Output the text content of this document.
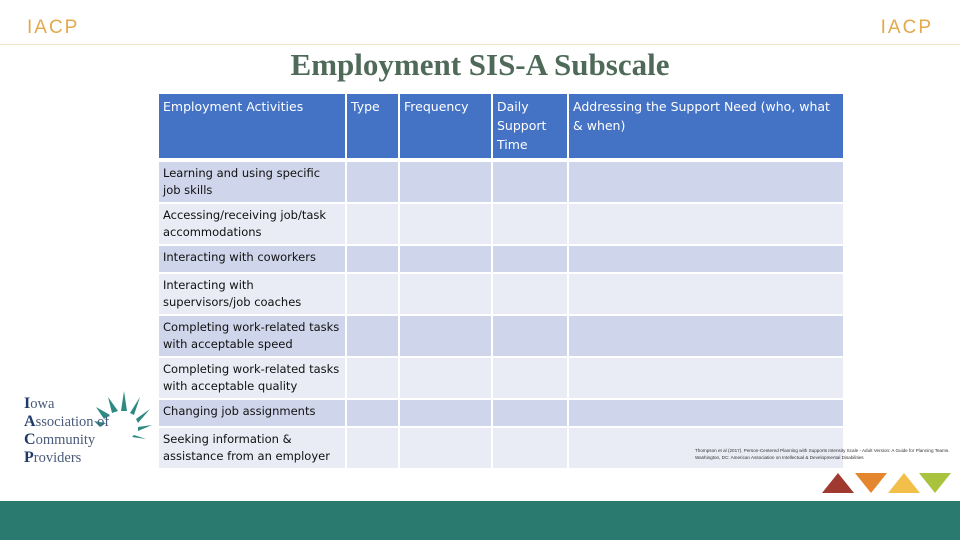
IACP	IACP
Employment SIS-A Subscale
Employment Activities	Type	Frequency	Daily Support Time	Addressing the Support Need (who, what & when)

Learning and using specific job skills				
Accessing/receiving job/task accommodations				
Interacting with coworkers				
Interacting with supervisors/job coaches				
Completing work-related tasks with acceptable speed				
Completing work-related tasks with acceptable quality				
Changing job assignments				
Seeking information & assistance from an employer				
Iowa
Association of
Community
Providers	Thompson et al (2017). Person-Centered Planning with Supports Intensity Scale - Adult Version: A Guide for Planning Teams. Washington, DC: American Association on Intellectual & Developmental Disabilities
